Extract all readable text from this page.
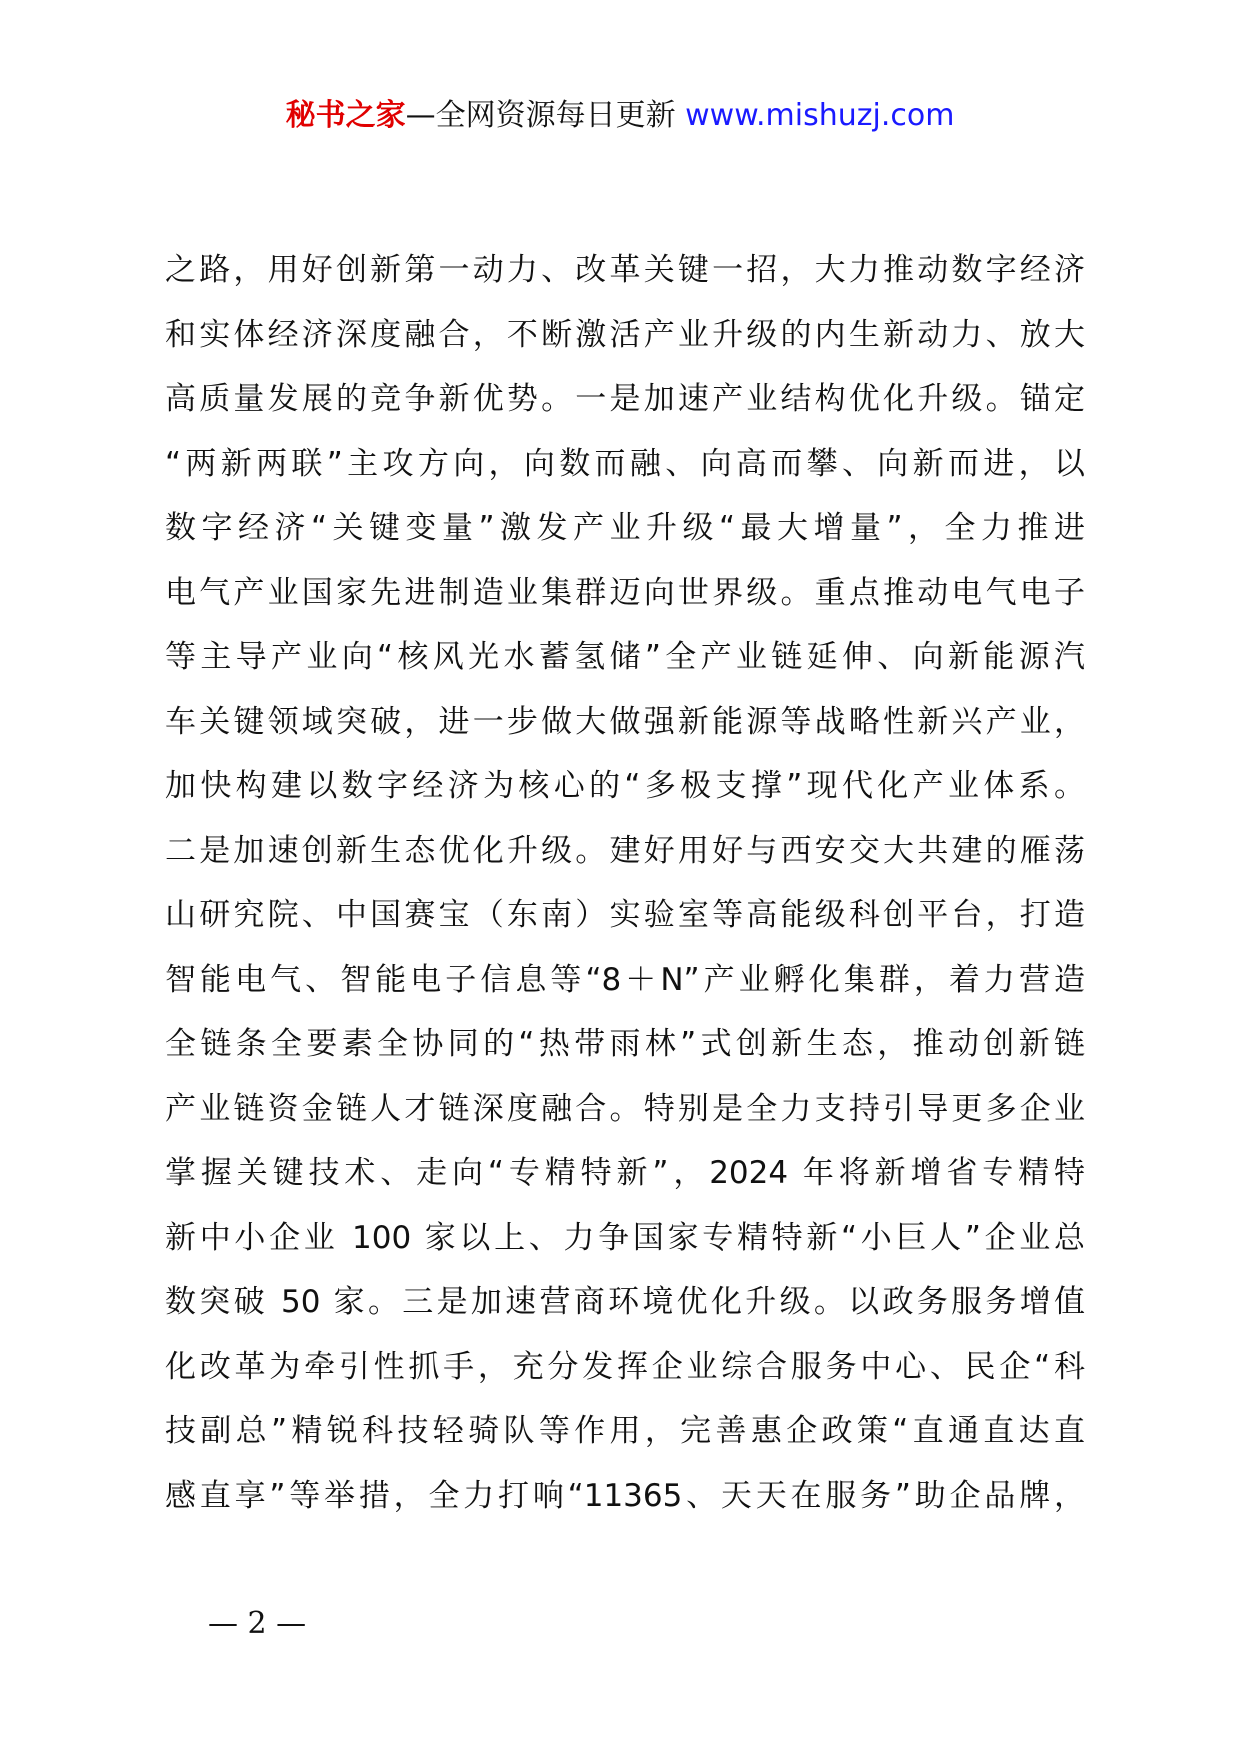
秘书之家—全网资源每日更新 www.mishuzj.com
之路，用好创新第一动力、改革关键一招，大力推动数字经济
和实体经济深度融合，不断激活产业升级的内生新动力、放大
高质量发展的竞争新优势。一是加速产业结构优化升级。锚定
“两新两联”主攻方向，向数而融、向高而攀、向新而进，以
数字经济“关键变量”激发产业升级“最大增量”，全力推进
电气产业国家先进制造业集群迈向世界级。重点推动电气电子
等主导产业向“核风光水蓄氢储”全产业链延伸、向新能源汽
车关键领域突破，进一步做大做强新能源等战略性新兴产业，
加快构建以数字经济为核心的“多极支撑”现代化产业体系。
二是加速创新生态优化升级。建好用好与西安交大共建的雁荡
山研究院、中国赛宝（东南）实验室等高能级科创平台，打造
智能电气、智能电子信息等“8＋N”产业孵化集群，着力营造
全链条全要素全协同的“热带雨林”式创新生态，推动创新链
产业链资金链人才链深度融合。特别是全力支持引导更多企业
掌握关键技术、走向“专精特新”，2024 年将新增省专精特
新中小企业 100 家以上、力争国家专精特新“小巨人”企业总
数突破 50 家。三是加速营商环境优化升级。以政务服务增值
化改革为牵引性抓手，充分发挥企业综合服务中心、民企“科
技副总”精锐科技轻骑队等作用，完善惠企政策“直通直达直
感直享”等举措，全力打响“11365、天天在服务”助企品牌，
— 2 —
